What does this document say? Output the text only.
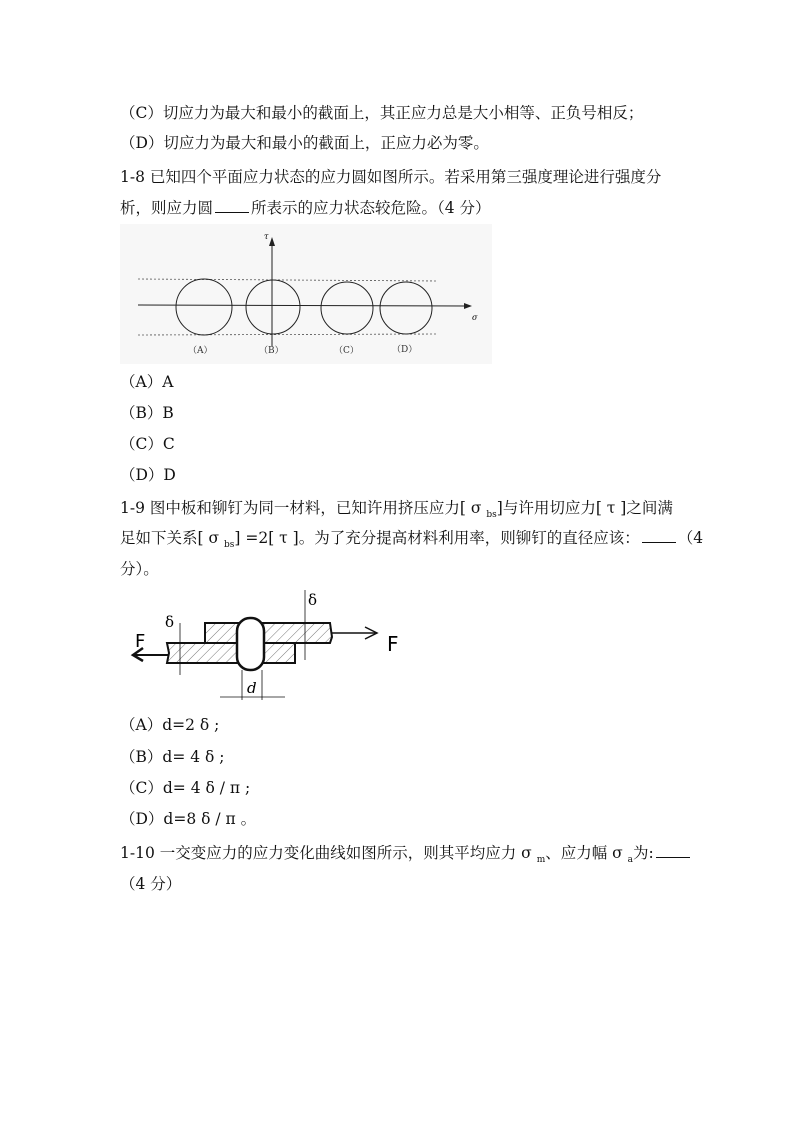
（C）切应力为最大和最小的截面上，其正应力总是大小相等、正负号相反；
（D）切应力为最大和最小的截面上，正应力必为零。
1-8 已知四个平面应力状态的应力圆如图所示。若采用第三强度理论进行强度分
析，则应力圆 所表示的应力状态较危险。（4 分）
τ
σ
（A）	（B）	（C）	（D）
（A）A
（B）B
（C）C
（D）D
1-9 图中板和铆钉为同一材料，已知许用挤压应力[ σ $_{bs}$]与许用切应力[ τ ]之间满
足如下关系[ σ $_{bs}$] =2[ τ ]。为了充分提高材料利用率，则铆钉的直径应该： （4
分）。
F	F
δ
δ
d
（A）d=2 δ ;
（B）d= 4 δ ;
（C）d= 4 δ / π ;
（D）d=8 δ / π 。
1-10 一交变应力的应力变化曲线如图所示，则其平均应力 σ $_m$、应力幅 σ $_a$为:
（4 分）
